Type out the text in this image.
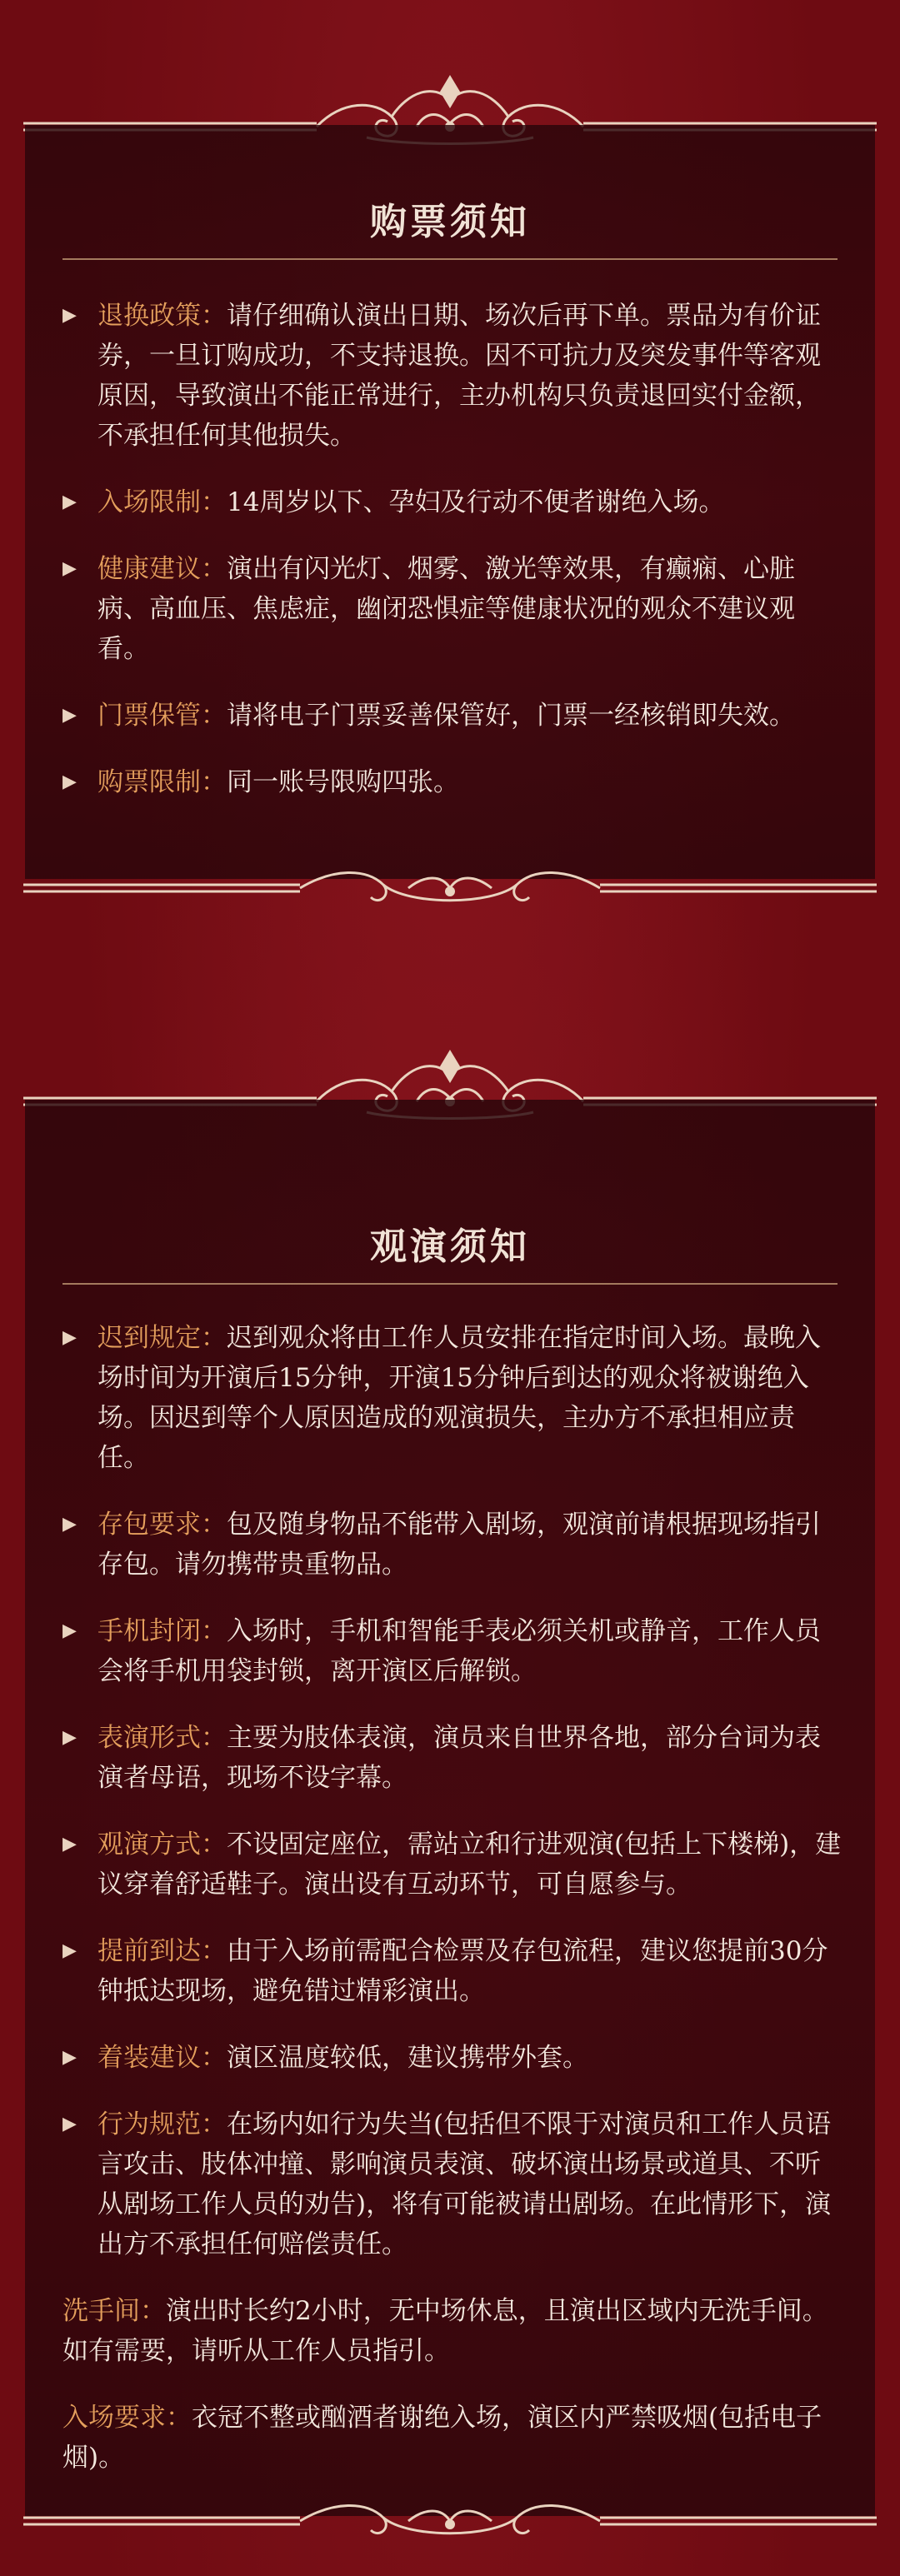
购票须知
▶ 退换政策：请仔细确认演出日期、场次后再下单。票品为有价证券，一旦订购成功，不支持退换。因不可抗力及突发事件等客观原因，导致演出不能正常进行，主办机构只负责退回实付金额，不承担任何其他损失。
▶ 入场限制：14周岁以下、孕妇及行动不便者谢绝入场。
▶ 健康建议：演出有闪光灯、烟雾、激光等效果，有癫痫、心脏病、高血压、焦虑症，幽闭恐惧症等健康状况的观众不建议观看。
▶ 门票保管：请将电子门票妥善保管好，门票一经核销即失效。
▶ 购票限制：同一账号限购四张。
观演须知
▶ 迟到规定：迟到观众将由工作人员安排在指定时间入场。最晚入场时间为开演后15分钟，开演15分钟后到达的观众将被谢绝入场。因迟到等个人原因造成的观演损失，主办方不承担相应责任。
▶ 存包要求：包及随身物品不能带入剧场，观演前请根据现场指引存包。请勿携带贵重物品。
▶ 手机封闭：入场时，手机和智能手表必须关机或静音，工作人员会将手机用袋封锁，离开演区后解锁。
▶ 表演形式：主要为肢体表演，演员来自世界各地，部分台词为表演者母语，现场不设字幕。
▶ 观演方式：不设固定座位，需站立和行进观演(包括上下楼梯)，建议穿着舒适鞋子。演出设有互动环节，可自愿参与。
▶ 提前到达：由于入场前需配合检票及存包流程，建议您提前30分钟抵达现场，避免错过精彩演出。
▶ 着装建议：演区温度较低，建议携带外套。
▶ 行为规范：在场内如行为失当(包括但不限于对演员和工作人员语言攻击、肢体冲撞、影响演员表演、破坏演出场景或道具、不听从剧场工作人员的劝告)，将有可能被请出剧场。在此情形下，演出方不承担任何赔偿责任。
洗手间：演出时长约2小时，无中场休息，且演出区域内无洗手间。如有需要，请听从工作人员指引。
入场要求：衣冠不整或酗酒者谢绝入场，演区内严禁吸烟(包括电子烟)。
